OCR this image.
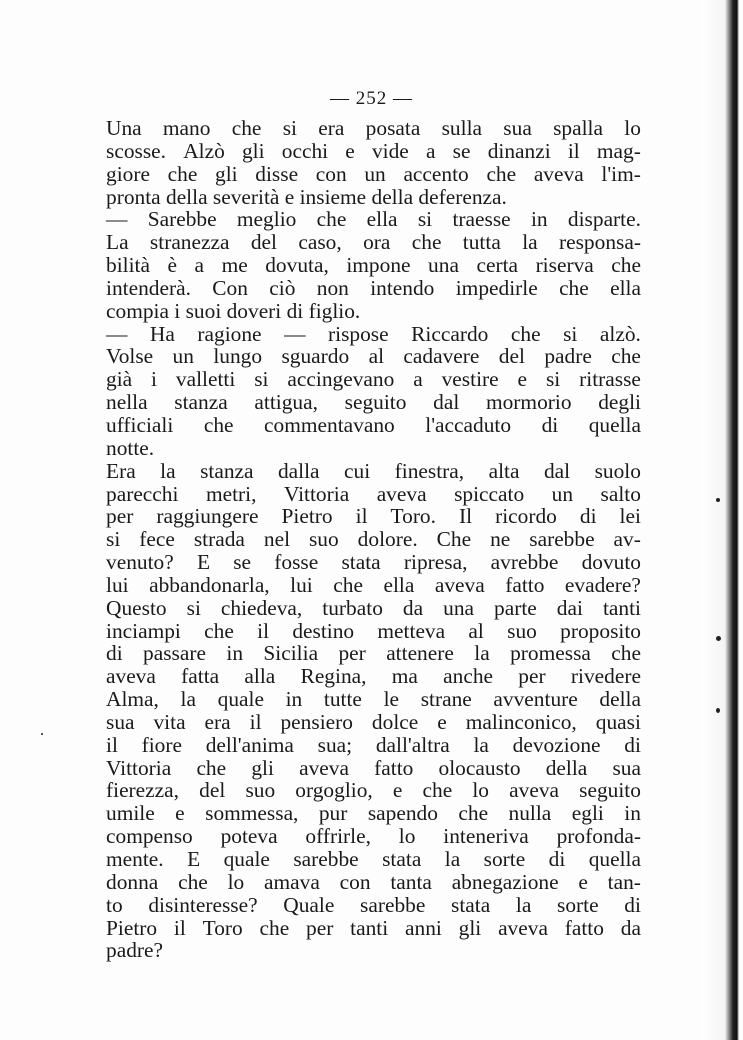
— 252 —
Una mano che si era posata sulla sua spalla lo
scosse. Alzò gli occhi e vide a se dinanzi il mag-
giore che gli disse con un accento che aveva l'im-
pronta della severità e insieme della deferenza.
— Sarebbe meglio che ella si traesse in disparte.
La stranezza del caso, ora che tutta la responsa-
bilità è a me dovuta, impone una certa riserva che
intenderà. Con ciò non intendo impedirle che ella
compia i suoi doveri di figlio.
— Ha ragione — rispose Riccardo che si alzò.
Volse un lungo sguardo al cadavere del padre che
già i valletti si accingevano a vestire e si ritrasse
nella stanza attigua, seguito dal mormorio degli
ufficiali che commentavano l'accaduto di quella
notte.
Era la stanza dalla cui finestra, alta dal suolo
parecchi metri, Vittoria aveva spiccato un salto
per raggiungere Pietro il Toro. Il ricordo di lei
si fece strada nel suo dolore. Che ne sarebbe av-
venuto? E se fosse stata ripresa, avrebbe dovuto
lui abbandonarla, lui che ella aveva fatto evadere?
Questo si chiedeva, turbato da una parte dai tanti
inciampi che il destino metteva al suo proposito
di passare in Sicilia per attenere la promessa che
aveva fatta alla Regina, ma anche per rivedere
Alma, la quale in tutte le strane avventure della
sua vita era il pensiero dolce e malinconico, quasi
il fiore dell'anima sua; dall'altra la devozione di
Vittoria che gli aveva fatto olocausto della sua
fierezza, del suo orgoglio, e che lo aveva seguito
umile e sommessa, pur sapendo che nulla egli in
compenso poteva offrirle, lo inteneriva profonda-
mente. E quale sarebbe stata la sorte di quella
donna che lo amava con tanta abnegazione e tan-
to disinteresse? Quale sarebbe stata la sorte di
Pietro il Toro che per tanti anni gli aveva fatto da
padre?
